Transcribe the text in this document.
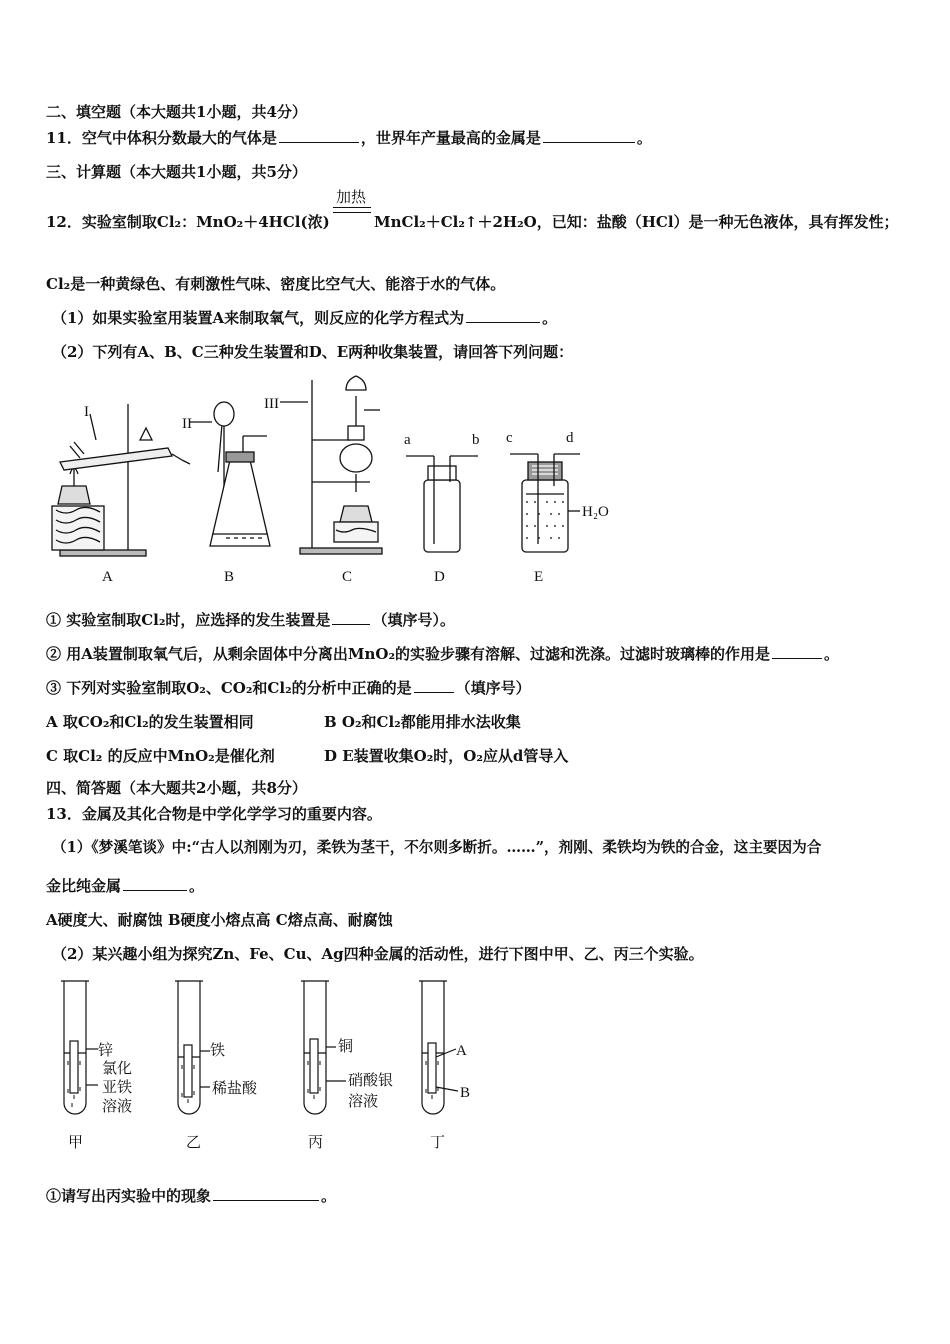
二、填空题（本大题共1小题，共4分）
11．空气中体积分数最大的气体是	，世界年产量最高的金属是	。
三、计算题（本大题共1小题，共5分）
加热
12．实验室制取Cl₂：MnO₂＋4HCl(浓)	MnCl₂＋Cl₂↑＋2H₂O，已知：盐酸（HCl）是一种无色液体，具有挥发性；
Cl₂是一种黄绿色、有刺激性气味、密度比空气大、能溶于水的气体。
（1）如果实验室用装置A来制取氧气，则反应的化学方程式为	。
（2）下列有A、B、C三种发生装置和D、E两种收集装置，请回答下列问题：
I
II
III
a	b c	d
H₂O
A	B	C	D	E
① 实验室制取Cl₂时，应选择的发生装置是	（填序号）。
② 用A装置制取氧气后，从剩余固体中分离出MnO₂的实验步骤有溶解、过滤和洗涤。过滤时玻璃棒的作用是	。
③ 下列对实验室制取O₂、CO₂和Cl₂的分析中正确的是	（填序号）
A 取CO₂和Cl₂的发生装置相同	B O₂和Cl₂都能用排水法收集
C 取Cl₂ 的反应中MnO₂是催化剂	D E装置收集O₂时，O₂应从d管导入
四、简答题（本大题共2小题，共8分）
13．金属及其化合物是中学化学学习的重要内容。
（1）《梦溪笔谈》中:“古人以剂刚为刃，柔铁为茎干，不尔则多断折。……”，剂刚、柔铁均为铁的合金，这主要因为合
金比纯金属	。
A硬度大、耐腐蚀 B硬度小熔点高 C熔点高、耐腐蚀
（2）某兴趣小组为探究Zn、Fe、Cu、Ag四种金属的活动性，进行下图中甲、乙、丙三个实验。
锌
氯化
亚铁
溶液
铁
稀盐酸
铜
硝酸银
溶液
A
B
甲	乙	丙	丁
①请写出丙实验中的现象	。
